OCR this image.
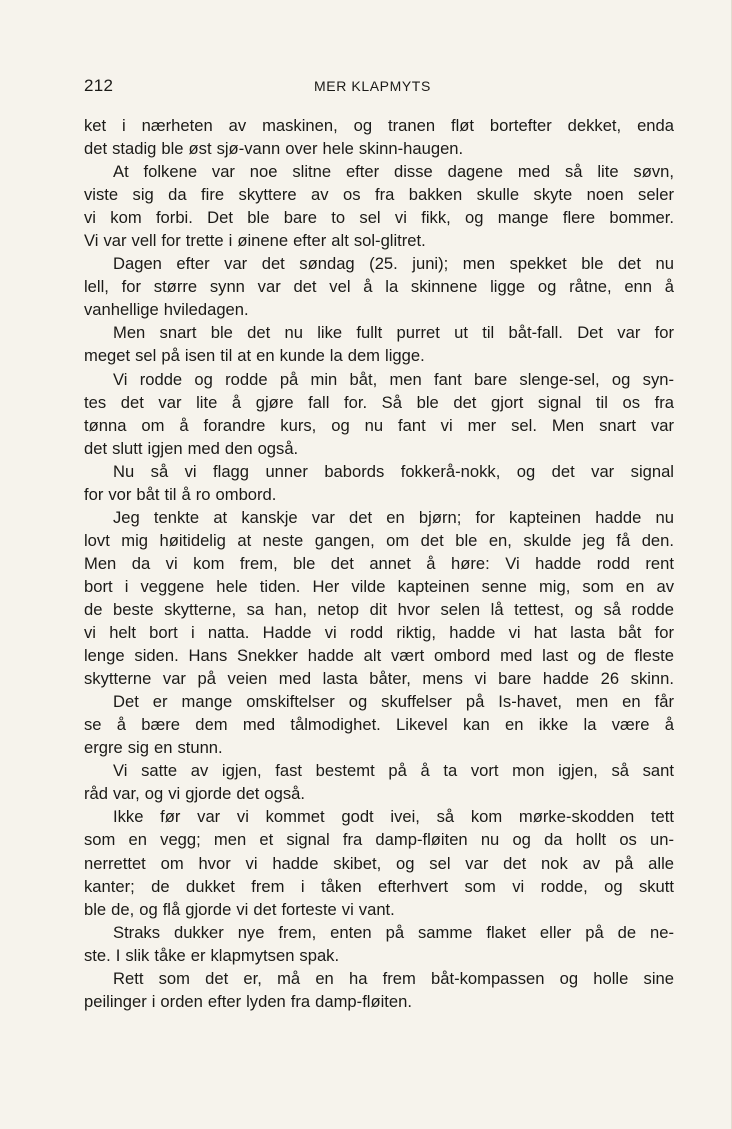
212	MER KLAPMYTS
ket i nærheten av maskinen, og tranen fløt bortefter dekket, enda
det stadig ble øst sjø-vann over hele skinn-haugen.
At folkene var noe slitne efter disse dagene med så lite søvn,
viste sig da fire skyttere av os fra bakken skulle skyte noen seler
vi kom forbi. Det ble bare to sel vi fikk, og mange flere bommer.
Vi var vell for trette i øinene efter alt sol-glitret.
Dagen efter var det søndag (25. juni); men spekket ble det nu
lell, for større synn var det vel å la skinnene ligge og råtne, enn å
vanhellige hviledagen.
Men snart ble det nu like fullt purret ut til båt-fall. Det var for
meget sel på isen til at en kunde la dem ligge.
Vi rodde og rodde på min båt, men fant bare slenge-sel, og syn-
tes det var lite å gjøre fall for. Så ble det gjort signal til os fra
tønna om å forandre kurs, og nu fant vi mer sel. Men snart var
det slutt igjen med den også.
Nu så vi flagg unner babords fokkerå-nokk, og det var signal
for vor båt til å ro ombord.
Jeg tenkte at kanskje var det en bjørn; for kapteinen hadde nu
lovt mig høitidelig at neste gangen, om det ble en, skulde jeg få den.
Men da vi kom frem, ble det annet å høre: Vi hadde rodd rent
bort i veggene hele tiden. Her vilde kapteinen senne mig, som en av
de beste skytterne, sa han, netop dit hvor selen lå tettest, og så rodde
vi helt bort i natta. Hadde vi rodd riktig, hadde vi hat lasta båt for
lenge siden. Hans Snekker hadde alt vært ombord med last og de fleste
skytterne var på veien med lasta båter, mens vi bare hadde 26 skinn.
Det er mange omskiftelser og skuffelser på Is-havet, men en får
se å bære dem med tålmodighet. Likevel kan en ikke la være å
ergre sig en stunn.
Vi satte av igjen, fast bestemt på å ta vort mon igjen, så sant
råd var, og vi gjorde det også.
Ikke før var vi kommet godt ivei, så kom mørke-skodden tett
som en vegg; men et signal fra damp-fløiten nu og da hollt os un-
nerrettet om hvor vi hadde skibet, og sel var det nok av på alle
kanter; de dukket frem i tåken efterhvert som vi rodde, og skutt
ble de, og flå gjorde vi det forteste vi vant.
Straks dukker nye frem, enten på samme flaket eller på de ne-
ste. I slik tåke er klapmytsen spak.
Rett som det er, må en ha frem båt-kompassen og holle sine
peilinger i orden efter lyden fra damp-fløiten.
